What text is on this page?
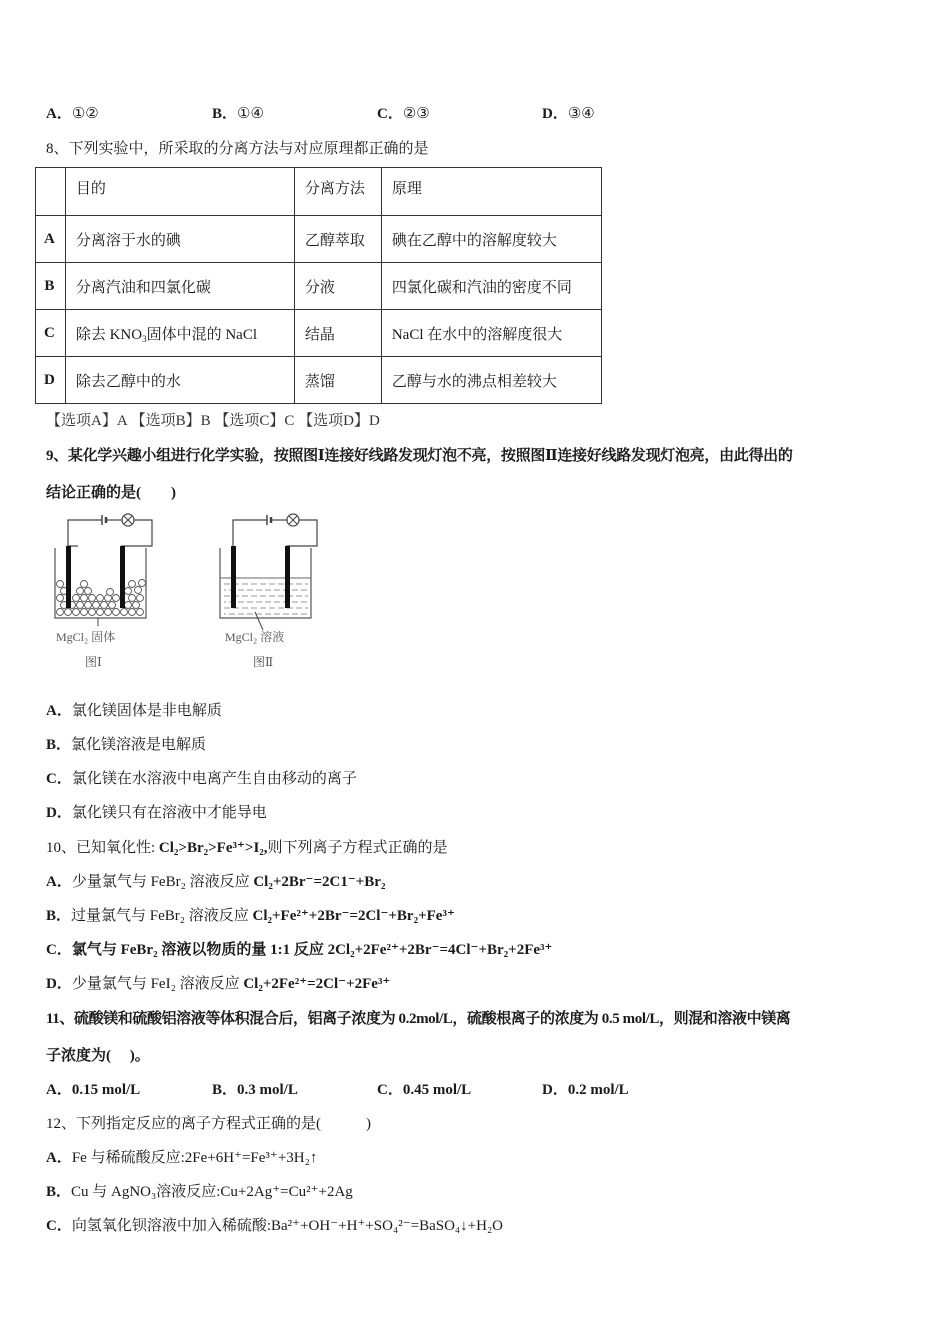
A．①②	B．①④	C．②③	D．③④
8、下列实验中，所采取的分离方法与对应原理都正确的是
	目的	分离方法	原理
A	分离溶于水的碘	乙醇萃取	碘在乙醇中的溶解度较大
B	分离汽油和四氯化碳	分液	四氯化碳和汽油的密度不同
C	除去 $KNO_3$固体中混的 NaCl	结晶	NaCl 在水中的溶解度很大
D	除去乙醇中的水	蒸馏	乙醇与水的沸点相差较大
【选项A】A 【选项B】B 【选项C】C 【选项D】D
9、某化学兴趣小组进行化学实验，按照图Ⅰ连接好线路发现灯泡不亮，按照图Ⅱ连接好线路发现灯泡亮，由此得出的
结论正确的是(　　)
MgCl₂ 固体
图Ⅰ
MgCl₂ 溶液
图Ⅱ
A．氯化镁固体是非电解质
B．氯化镁溶液是电解质
C．氯化镁在水溶液中电离产生自由移动的离子
D．氯化镁只有在溶液中才能导电
10、已知氧化性: Cl₂>Br₂>Fe³⁺>I₂,则下列离子方程式正确的是
A．少量氯气与 FeBr₂ 溶液反应 Cl₂+2Br⁻=2C1⁻+Br₂
B．过量氯气与 FeBr₂ 溶液反应 Cl₂+Fe²⁺+2Br⁻=2Cl⁻+Br₂+Fe³⁺
C．氯气与 FeBr₂ 溶液以物质的量 1:1 反应 2Cl₂+2Fe²⁺+2Br⁻=4Cl⁻+Br₂+2Fe³⁺
D．少量氯气与 FeI₂ 溶液反应 Cl₂+2Fe²⁺=2Cl⁻+2Fe³⁺
11、硫酸镁和硫酸铝溶液等体积混合后，铝离子浓度为 0.2mol/L，硫酸根离子的浓度为 0.5 mol/L，则混和溶液中镁离
子浓度为(　 )。
A．0.15 mol/L	B．0.3 mol/L	C．0.45 mol/L	D．0.2 mol/L
12、下列指定反应的离子方程式正确的是(　　　)
A．Fe 与稀硫酸反应:2Fe+6H⁺=Fe³⁺+3H₂↑
B．Cu 与 AgNO₃溶液反应:Cu+2Ag⁺=Cu²⁺+2Ag
C．向氢氧化钡溶液中加入稀硫酸:Ba²⁺+OH⁻+H⁺+SO₄²⁻=BaSO₄↓+H₂O
